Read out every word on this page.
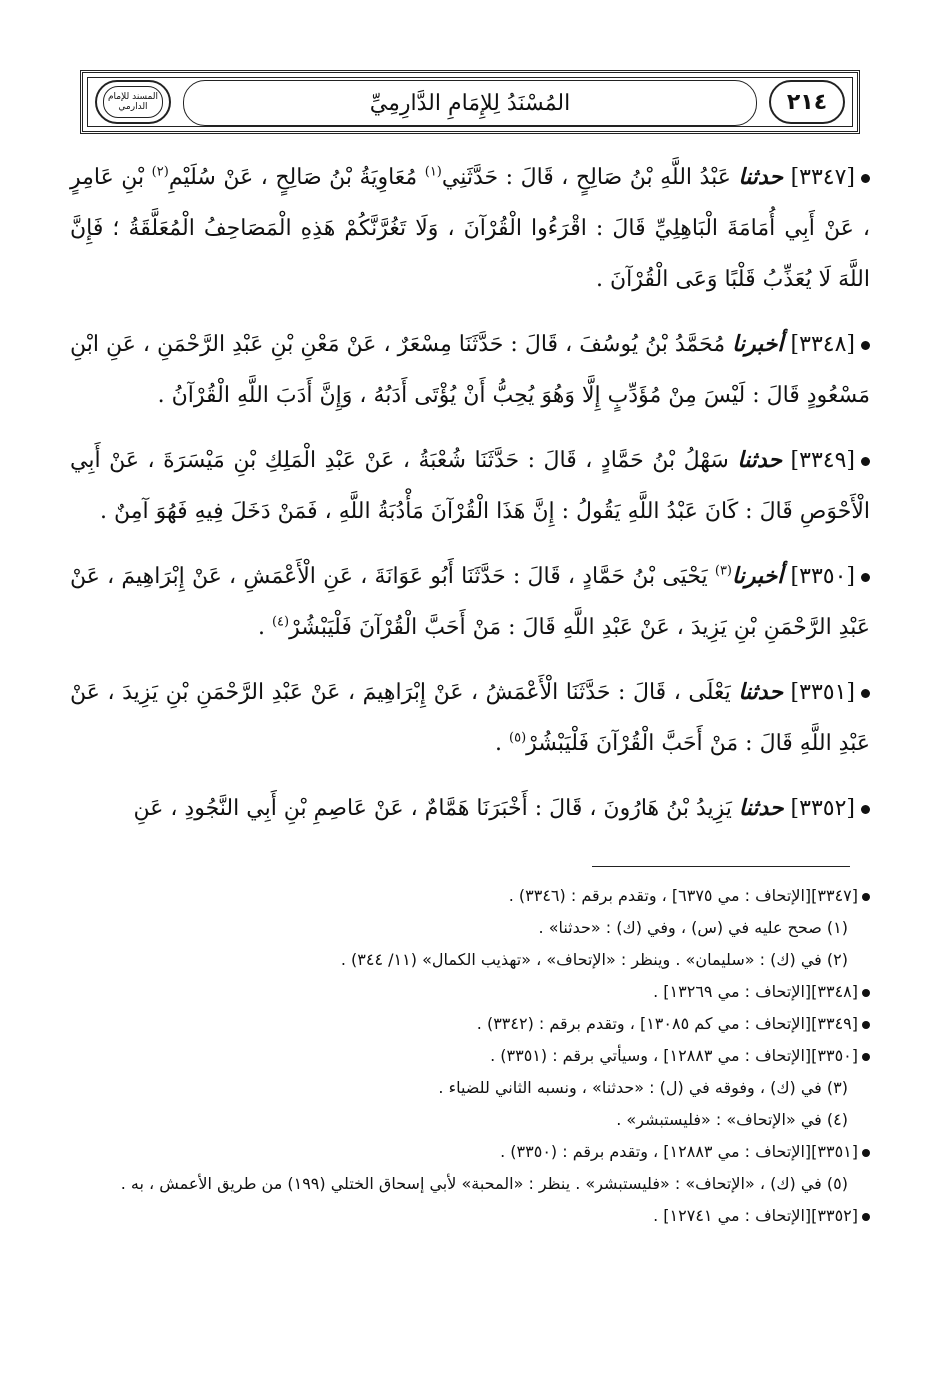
المسند للإمام الدارمي	المُسْنَدُ لِلإِمَامِ الدَّارِمِيِّ	٢١٤

[٣٣٤٧] حدثنا عَبْدُ اللَّهِ بْنُ صَالِحٍ ، قَالَ : حَدَّثَنِي$^{(١)}$ مُعَاوِيَةُ بْنُ صَالِحٍ ، عَنْ سُلَيْمِ$^{(٢)}$ بْنِ عَامِرٍ ، عَنْ أَبِي أُمَامَةَ الْبَاهِلِيِّ قَالَ : اقْرَءُوا الْقُرْآنَ ، وَلَا تَغُرَّنَّكُمْ هَذِهِ الْمَصَاحِفُ الْمُعَلَّقَةُ ؛ فَإِنَّ اللَّهَ لَا يُعَذِّبُ قَلْبًا وَعَى الْقُرْآنَ .

[٣٣٤٨] أخبرنا مُحَمَّدُ بْنُ يُوسُفَ ، قَالَ : حَدَّثَنَا مِسْعَرٌ ، عَنْ مَعْنِ بْنِ عَبْدِ الرَّحْمَنِ ، عَنِ ابْنِ مَسْعُودٍ قَالَ : لَيْسَ مِنْ مُؤَدِّبٍ إِلَّا وَهُوَ يُحِبُّ أَنْ يُؤْتَى أَدَبُهُ ، وَإِنَّ أَدَبَ اللَّهِ الْقُرْآنُ .

[٣٣٤٩] حدثنا سَهْلُ بْنُ حَمَّادٍ ، قَالَ : حَدَّثَنَا شُعْبَةُ ، عَنْ عَبْدِ الْمَلِكِ بْنِ مَيْسَرَةَ ، عَنْ أَبِي الْأَحْوَصِ قَالَ : كَانَ عَبْدُ اللَّهِ يَقُولُ : إِنَّ هَذَا الْقُرْآنَ مَأْدُبَةُ اللَّهِ ، فَمَنْ دَخَلَ فِيهِ فَهُوَ آمِنٌ .

[٣٣٥٠] أخبرنا$^{(٣)}$ يَحْيَى بْنُ حَمَّادٍ ، قَالَ : حَدَّثَنَا أَبُو عَوَانَةَ ، عَنِ الْأَعْمَشِ ، عَنْ إِبْرَاهِيمَ ، عَنْ عَبْدِ الرَّحْمَنِ بْنِ يَزِيدَ ، عَنْ عَبْدِ اللَّهِ قَالَ : مَنْ أَحَبَّ الْقُرْآنَ فَلْيَبْشُرْ$^{(٤)}$ .

[٣٣٥١] حدثنا يَعْلَى ، قَالَ : حَدَّثَنَا الْأَعْمَشُ ، عَنْ إِبْرَاهِيمَ ، عَنْ عَبْدِ الرَّحْمَنِ بْنِ يَزِيدَ ، عَنْ عَبْدِ اللَّهِ قَالَ : مَنْ أَحَبَّ الْقُرْآنَ فَلْيَبْشُرْ$^{(٥)}$ .

[٣٣٥٢] حدثنا يَزِيدُ بْنُ هَارُونَ ، قَالَ : أَخْبَرَنَا هَمَّامٌ ، عَنْ عَاصِمِ بْنِ أَبِي النَّجُودِ ، عَنِ

[٣٣٤٧][الإتحاف : مي ٦٣٧٥] ، وتقدم برقم : (٣٣٤٦) .
(١) صحح عليه في (س) ، وفي (ك) : «حدثنا» .
(٢) في (ك) : «سليمان» . وينظر : «الإتحاف» ، «تهذيب الكمال» (١١/ ٣٤٤) .
[٣٣٤٨][الإتحاف : مي ١٣٢٦٩] .
[٣٣٤٩][الإتحاف : مي كم ١٣٠٨٥] ، وتقدم برقم : (٣٣٤٢) .
[٣٣٥٠][الإتحاف : مي ١٢٨٨٣] ، وسيأتي برقم : (٣٣٥١) .
(٣) في (ك) ، وفوقه في (ل) : «حدثنا» ، ونسبه الثاني للضياء .
(٤) في «الإتحاف» : «فليستبشر» .
[٣٣٥١][الإتحاف : مي ١٢٨٨٣] ، وتقدم برقم : (٣٣٥٠) .
(٥) في (ك) ، «الإتحاف» : «فليستبشر» . ينظر : «المحبة» لأبي إسحاق الختلي (١٩٩) من طريق الأعمش ، به .
[٣٣٥٢][الإتحاف : مي ١٢٧٤١] .
